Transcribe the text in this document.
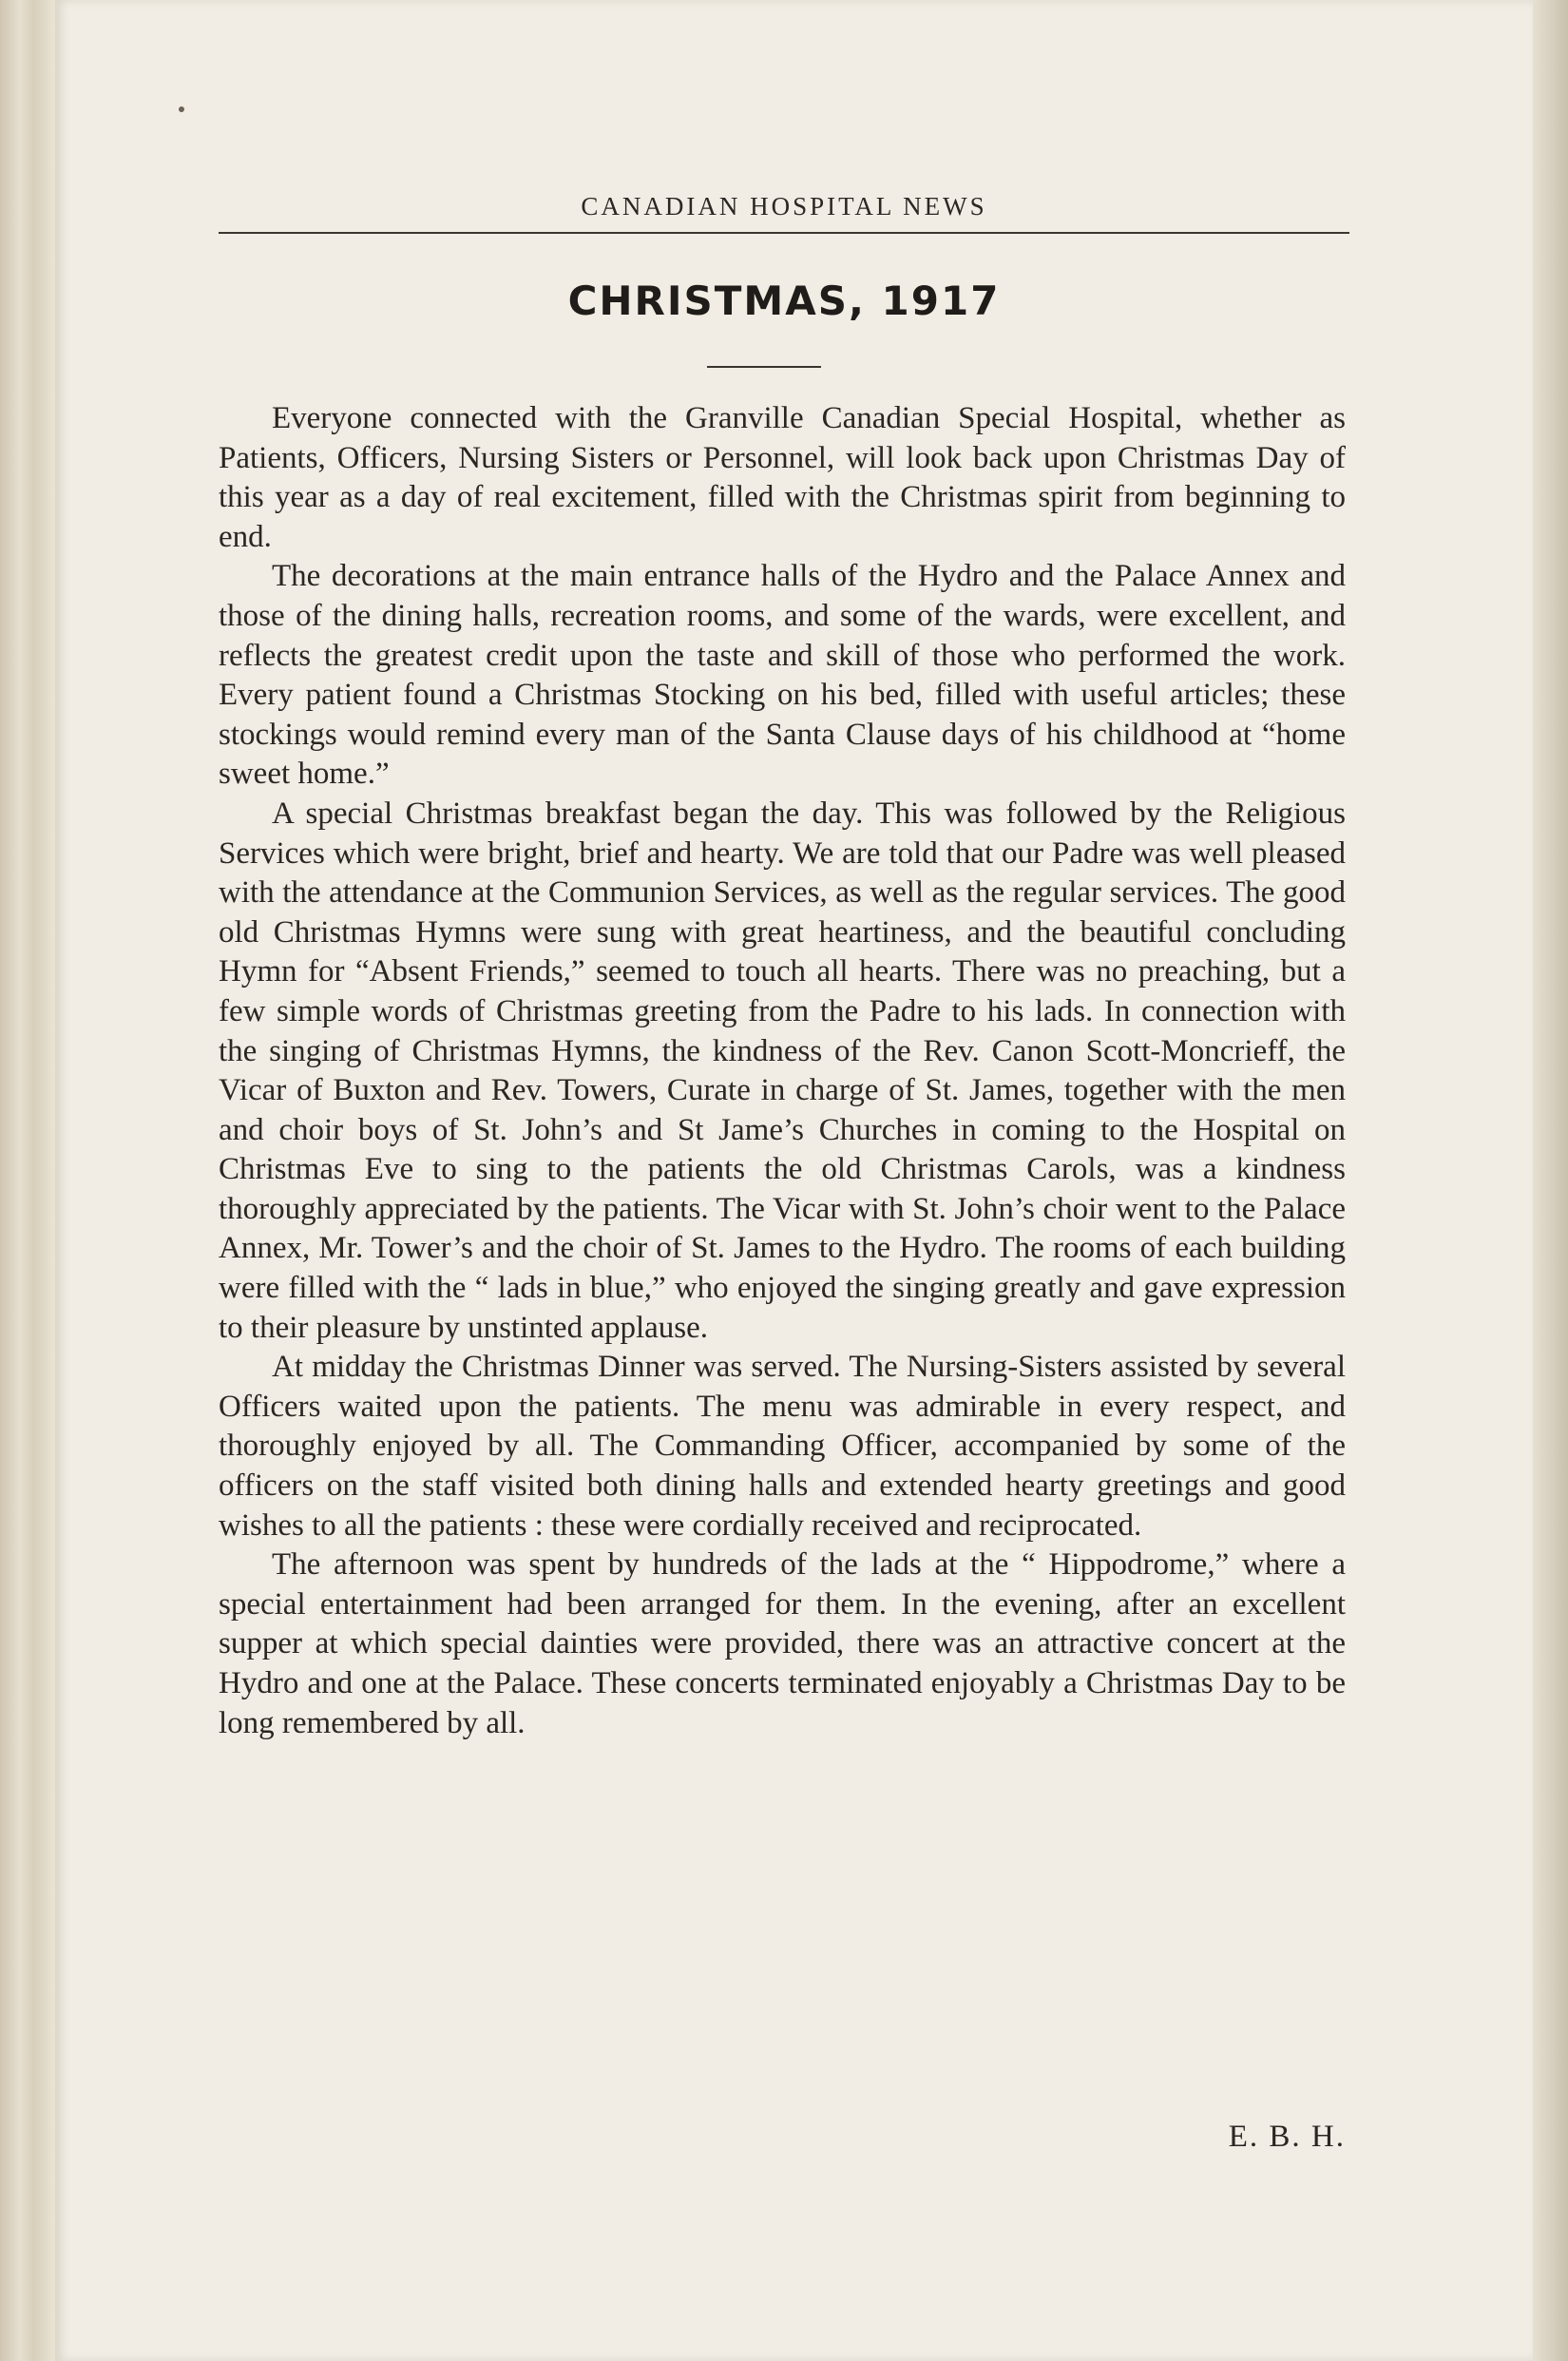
CANADIAN HOSPITAL NEWS
CHRISTMAS, 1917

Everyone connected with the Granville Canadian Special Hospital, whether as Patients, Officers, Nursing Sisters or Personnel, will look back upon Christmas Day of this year as a day of real excitement, filled with the Christmas spirit from beginning to end.

The decorations at the main entrance halls of the Hydro and the Palace Annex and those of the dining halls, recreation rooms, and some of the wards, were excellent, and reflects the greatest credit upon the taste and skill of those who performed the work. Every patient found a Christmas Stocking on his bed, filled with useful articles; these stockings would remind every man of the Santa Clause days of his childhood at “home sweet home.”

A special Christmas breakfast began the day. This was followed by the Religious Services which were bright, brief and hearty. We are told that our Padre was well pleased with the attendance at the Communion Services, as well as the regular services. The good old Christmas Hymns were sung with great heartiness, and the beautiful concluding Hymn for “Absent Friends,” seemed to touch all hearts. There was no preaching, but a few simple words of Christmas greeting from the Padre to his lads. In connection with the singing of Christmas Hymns, the kindness of the Rev. Canon Scott-Moncrieff, the Vicar of Buxton and Rev. Towers, Curate in charge of St. James, together with the men and choir boys of St. John’s and St Jame’s Churches in coming to the Hospital on Christmas Eve to sing to the patients the old Christmas Carols, was a kindness thoroughly appreciated by the patients. The Vicar with St. John’s choir went to the Palace Annex, Mr. Tower’s and the choir of St. James to the Hydro. The rooms of each building were filled with the “ lads in blue,” who enjoyed the singing greatly and gave expression to their pleasure by unstinted applause.

At midday the Christmas Dinner was served. The Nursing-Sisters assisted by several Officers waited upon the patients. The menu was admirable in every respect, and thoroughly enjoyed by all. The Commanding Officer, accompanied by some of the officers on the staff visited both dining halls and extended hearty greetings and good wishes to all the patients : these were cordially received and reciprocated.

The afternoon was spent by hundreds of the lads at the “ Hippodrome,” where a special entertainment had been arranged for them. In the evening, after an excellent supper at which special dainties were provided, there was an attractive concert at the Hydro and one at the Palace. These concerts terminated enjoyably a Christmas Day to be long remembered by all.

E. B. H.
